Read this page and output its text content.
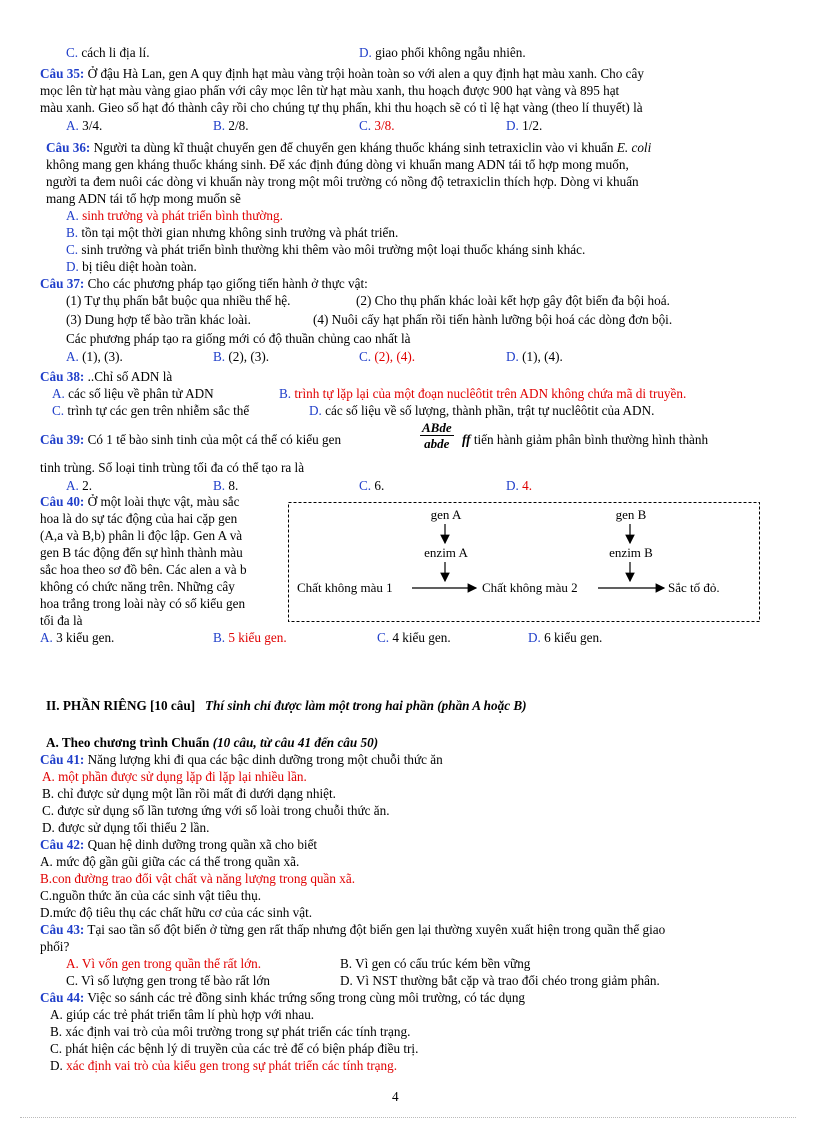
C. cách li địa lí.	D. giao phối không ngẫu nhiên.
Câu 35: Ở đậu Hà Lan, gen A quy định hạt màu vàng trội hoàn toàn so với alen a quy định hạt màu xanh. Cho cây
mọc lên từ hạt màu vàng giao phấn với cây mọc lên từ hạt màu xanh, thu hoạch được 900 hạt vàng và 895 hạt
màu xanh. Gieo số hạt đó thành cây rồi cho chúng tự thụ phấn, khi thu hoạch sẽ có tỉ lệ hạt vàng (theo lí thuyết) là
A. 3/4.	B. 2/8.	C. 3/8.	D. 1/2.
Câu 36: Người ta dùng kĩ thuật chuyển gen để chuyển gen kháng thuốc kháng sinh tetraxiclin vào vi khuẩn E. coli
không mang gen kháng thuốc kháng sinh. Để xác định đúng dòng vi khuẩn mang ADN tái tổ hợp mong muốn,
người ta đem nuôi các dòng vi khuẩn này trong một môi trường có nồng độ tetraxiclin thích hợp. Dòng vi khuẩn
mang ADN tái tổ hợp mong muốn sẽ
A. sinh trưởng và phát triển bình thường.
B. tồn tại một thời gian nhưng không sinh trưởng và phát triển.
C. sinh trưởng và phát triển bình thường khi thêm vào môi trường một loại thuốc kháng sinh khác.
D. bị tiêu diệt hoàn toàn.
Câu 37: Cho các phương pháp tạo giống tiến hành ở thực vật:
(1) Tự thụ phấn bắt buộc qua nhiều thế hệ.	(2) Cho thụ phấn khác loài kết hợp gây đột biến đa bội hoá.
(3) Dung hợp tế bào trần khác loài.	(4) Nuôi cấy hạt phấn rồi tiến hành lưỡng bội hoá các dòng đơn bội.
Các phương pháp tạo ra giống mới có độ thuần chủng cao nhất là
A. (1), (3).	B. (2), (3).	C. (2), (4).	D. (1), (4).
Câu 38: ..Chỉ số ADN là
A. các số liệu về phân tử ADN	B. trình tự lặp lại của một đoạn nuclêôtit trên ADN không chứa mã di truyền.
C. trình tự các gen trên nhiễm sắc thể	D. các số liệu về số lượng, thành phần, trật tự nuclêôtit của ADN.
Câu 39: Có 1 tế bào sinh tinh của một cá thể có kiểu gen
ABde
abde ff tiến hành giảm phân bình thường hình thành
tinh trùng. Số loại tinh trùng tối đa có thể tạo ra là
A. 2.	B. 8.	C. 6.	D. 4.
Câu 40: Ở một loài thực vật, màu sắc
hoa là do sự tác động của hai cặp gen
(A,a và B,b) phân li độc lập. Gen A và
gen B tác động đến sự hình thành màu
sắc hoa theo sơ đồ bên. Các alen a và b
không có chức năng trên. Những cây
hoa trắng trong loài này có số kiểu gen
tối đa là
gen A	gen B
enzim A	enzim B
Chất không màu 1	Chất không màu 2	Sắc tố đỏ.
A. 3 kiểu gen.	B. 5 kiểu gen.	C. 4 kiểu gen.	D. 6 kiểu gen.
II. PHẦN RIÊNG [10 câu] Thí sinh chỉ được làm một trong hai phần (phần A hoặc B)
A. Theo chương trình Chuẩn (10 câu, từ câu 41 đến câu 50)
Câu 41: Năng lượng khi đi qua các bậc dinh dưỡng trong một chuỗi thức ăn
A. một phần được sử dụng lặp đi lặp lại nhiều lần.
B. chỉ được sử dụng một lần rồi mất đi dưới dạng nhiệt.
C. được sử dụng số lần tương ứng với số loài trong chuỗi thức ăn.
D. được sử dụng tối thiểu 2 lần.
Câu 42: Quan hệ dinh dưỡng trong quần xã cho biết
A. mức độ gần gũi giữa các cá thể trong quần xã.
B.con đường trao đổi vật chất và năng lượng trong quần xã.
C.nguồn thức ăn của các sinh vật tiêu thụ.
D.mức độ tiêu thụ các chất hữu cơ của các sinh vật.
Câu 43: Tại sao tần số đột biến ở từng gen rất thấp nhưng đột biến gen lại thường xuyên xuất hiện trong quần thể giao
phối?
A. Vì vốn gen trong quần thể rất lớn.	B. Vì gen có cấu trúc kém bền vững
C. Vì số lượng gen trong tế bào rất lớn	D. Vì NST thường bắt cặp và trao đổi chéo trong giảm phân.
Câu 44: Việc so sánh các trẻ đồng sinh khác trứng sống trong cùng môi trường, có tác dụng
A. giúp các trẻ phát triển tâm lí phù hợp với nhau.
B. xác định vai trò của môi trường trong sự phát triển các tính trạng.
C. phát hiện các bệnh lý di truyền của các trẻ để có biện pháp điều trị.
D. xác định vai trò của kiểu gen trong sự phát triển các tính trạng.
4
